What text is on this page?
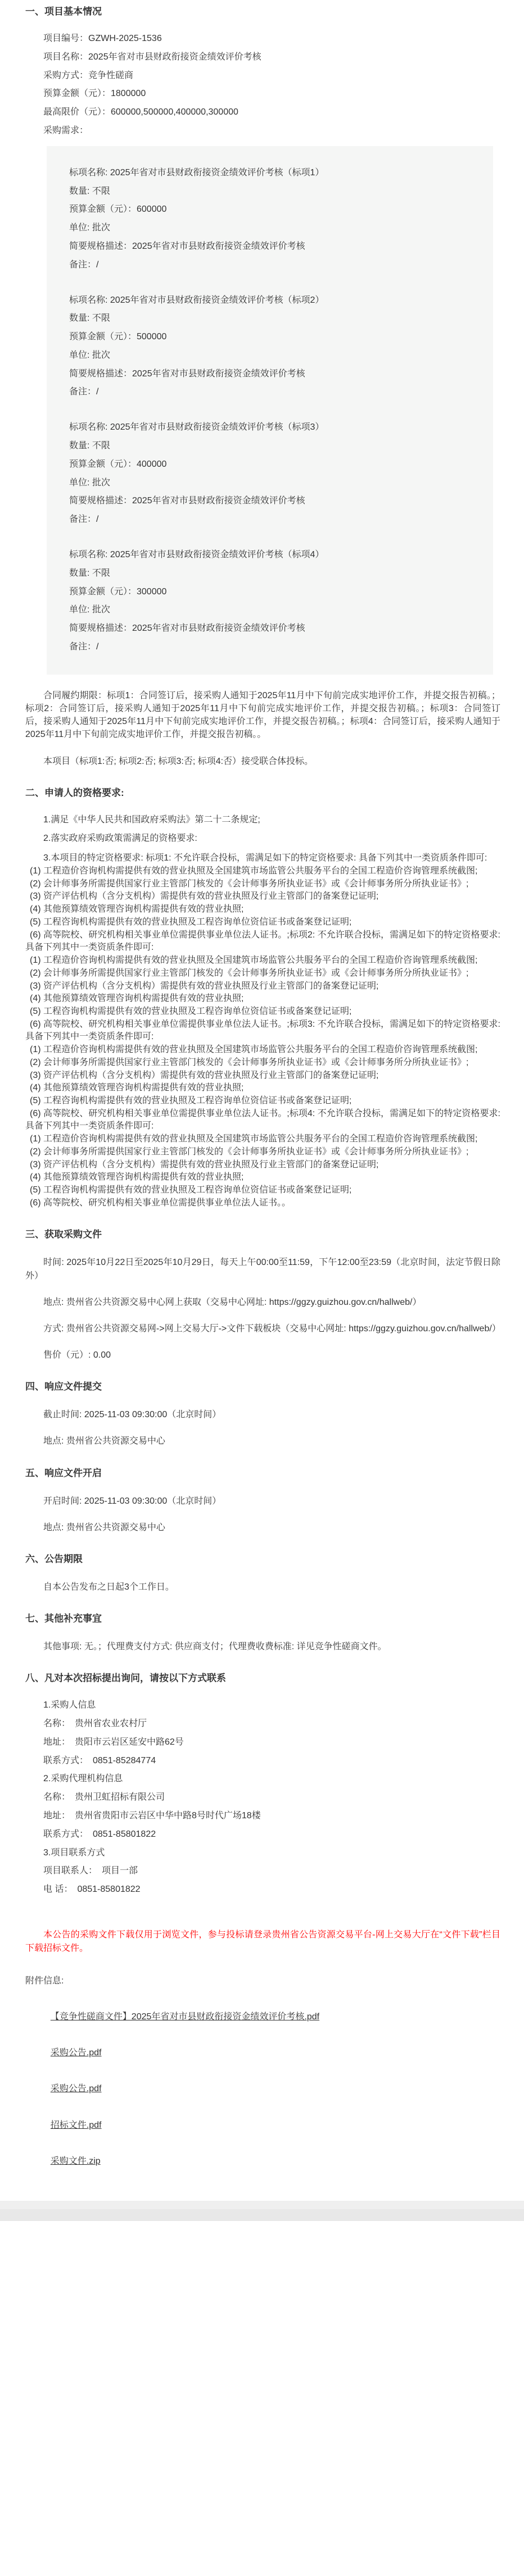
一、项目基本情况

项目编号：GZWH-2025-1536

项目名称：2025年省对市县财政衔接资金绩效评价考核

采购方式：竞争性磋商

预算金额（元）：1800000

最高限价（元）：600000,500000,400000,300000

采购需求：

标项名称: 2025年省对市县财政衔接资金绩效评价考核（标项1）

数量: 不限

预算金额（元）：600000

单位: 批次

简要规格描述：2025年省对市县财政衔接资金绩效评价考核

备注：/

标项名称: 2025年省对市县财政衔接资金绩效评价考核（标项2）

数量: 不限

预算金额（元）：500000

单位: 批次

简要规格描述：2025年省对市县财政衔接资金绩效评价考核

备注：/

标项名称: 2025年省对市县财政衔接资金绩效评价考核（标项3）

数量: 不限

预算金额（元）：400000

单位: 批次

简要规格描述：2025年省对市县财政衔接资金绩效评价考核

备注：/

标项名称: 2025年省对市县财政衔接资金绩效评价考核（标项4）

数量: 不限

预算金额（元）：300000

单位: 批次

简要规格描述：2025年省对市县财政衔接资金绩效评价考核

备注：/

合同履约期限：标项1：合同签订后，接采购人通知于2025年11月中下旬前完成实地评价工作，并提交报告初稿。；标项2：合同签订后，接采购人通知于2025年11月中下旬前完成实地评价工作，并提交报告初稿。；标项3：合同签订后，接采购人通知于2025年11月中下旬前完成实地评价工作，并提交报告初稿。；标项4：合同签订后，接采购人通知于2025年11月中下旬前完成实地评价工作，并提交报告初稿。。

本项目（标项1:否; 标项2:否; 标项3:否; 标项4:否）接受联合体投标。

二、申请人的资格要求:

1.满足《中华人民共和国政府采购法》第二十二条规定;

2.落实政府采购政策需满足的资格要求:

3.本项目的特定资格要求: 标项1: 不允许联合投标，需满足如下的特定资格要求: 具备下列其中一类资质条件即可:

(1) 工程造价咨询机构需提供有效的营业执照及全国建筑市场监管公共服务平台的全国工程造价咨询管理系统截图;

(2) 会计师事务所需提供国家行业主管部门核发的《会计师事务所执业证书》或《会计师事务所分所执业证书》;

(3) 资产评估机构（含分支机构）需提供有效的营业执照及行业主管部门的备案登记证明;

(4) 其他预算绩效管理咨询机构需提供有效的营业执照;

(5) 工程咨询机构需提供有效的营业执照及工程咨询单位资信证书或备案登记证明;

(6) 高等院校、研究机构相关事业单位需提供事业单位法人证书。;标项2: 不允许联合投标，需满足如下的特定资格要求: 具备下列其中一类资质条件即可:

(1) 工程造价咨询机构需提供有效的营业执照及全国建筑市场监管公共服务平台的全国工程造价咨询管理系统截图;

(2) 会计师事务所需提供国家行业主管部门核发的《会计师事务所执业证书》或《会计师事务所分所执业证书》;

(3) 资产评估机构（含分支机构）需提供有效的营业执照及行业主管部门的备案登记证明;

(4) 其他预算绩效管理咨询机构需提供有效的营业执照;

(5) 工程咨询机构需提供有效的营业执照及工程咨询单位资信证书或备案登记证明;

(6) 高等院校、研究机构相关事业单位需提供事业单位法人证书。;标项3: 不允许联合投标，需满足如下的特定资格要求: 具备下列其中一类资质条件即可:

(1) 工程造价咨询机构需提供有效的营业执照及全国建筑市场监管公共服务平台的全国工程造价咨询管理系统截图;

(2) 会计师事务所需提供国家行业主管部门核发的《会计师事务所执业证书》或《会计师事务所分所执业证书》;

(3) 资产评估机构（含分支机构）需提供有效的营业执照及行业主管部门的备案登记证明;

(4) 其他预算绩效管理咨询机构需提供有效的营业执照;

(5) 工程咨询机构需提供有效的营业执照及工程咨询单位资信证书或备案登记证明;

(6) 高等院校、研究机构相关事业单位需提供事业单位法人证书。;标项4: 不允许联合投标，需满足如下的特定资格要求: 具备下列其中一类资质条件即可:

(1) 工程造价咨询机构需提供有效的营业执照及全国建筑市场监管公共服务平台的全国工程造价咨询管理系统截图;

(2) 会计师事务所需提供国家行业主管部门核发的《会计师事务所执业证书》或《会计师事务所分所执业证书》;

(3) 资产评估机构（含分支机构）需提供有效的营业执照及行业主管部门的备案登记证明;

(4) 其他预算绩效管理咨询机构需提供有效的营业执照;

(5) 工程咨询机构需提供有效的营业执照及工程咨询单位资信证书或备案登记证明;

(6) 高等院校、研究机构相关事业单位需提供事业单位法人证书。。

三、获取采购文件

时间: 2025年10月22日至2025年10月29日，每天上午00:00至11:59，下午12:00至23:59（北京时间，法定节假日除外）

地点: 贵州省公共资源交易中心网上获取（交易中心网址: https://ggzy.guizhou.gov.cn/hallweb/）

方式: 贵州省公共资源交易网->网上交易大厅->文件下载板块（交易中心网址: https://ggzy.guizhou.gov.cn/hallweb/）

售价（元）: 0.00

四、响应文件提交

截止时间: 2025-11-03 09:30:00（北京时间）

地点: 贵州省公共资源交易中心

五、响应文件开启

开启时间: 2025-11-03 09:30:00（北京时间）

地点: 贵州省公共资源交易中心

六、公告期限

自本公告发布之日起3个工作日。

七、其他补充事宜

其他事项: 无。；代理费支付方式: 供应商支付；代理费收费标准: 详见竞争性磋商文件。

八、凡对本次招标提出询问，请按以下方式联系

1.采购人信息

名称：　贵州省农业农村厅

地址：　贵阳市云岩区延安中路62号

联系方式：　0851-85284774

2.采购代理机构信息

名称：　贵州卫虹招标有限公司

地址：　贵州省贵阳市云岩区中华中路8号时代广场18楼

联系方式：　0851-85801822

3.项目联系方式

项目联系人：　项目一部

电 话：　0851-85801822

本公告的采购文件下载仅用于浏览文件，参与投标请登录贵州省公告资源交易平台-网上交易大厅在“文件下载”栏目下载招标文件。

附件信息:

【竞争性磋商文件】2025年省对市县财政衔接资金绩效评价考核.pdf

采购公告.pdf

采购公告.pdf

招标文件.pdf

采购文件.zip
